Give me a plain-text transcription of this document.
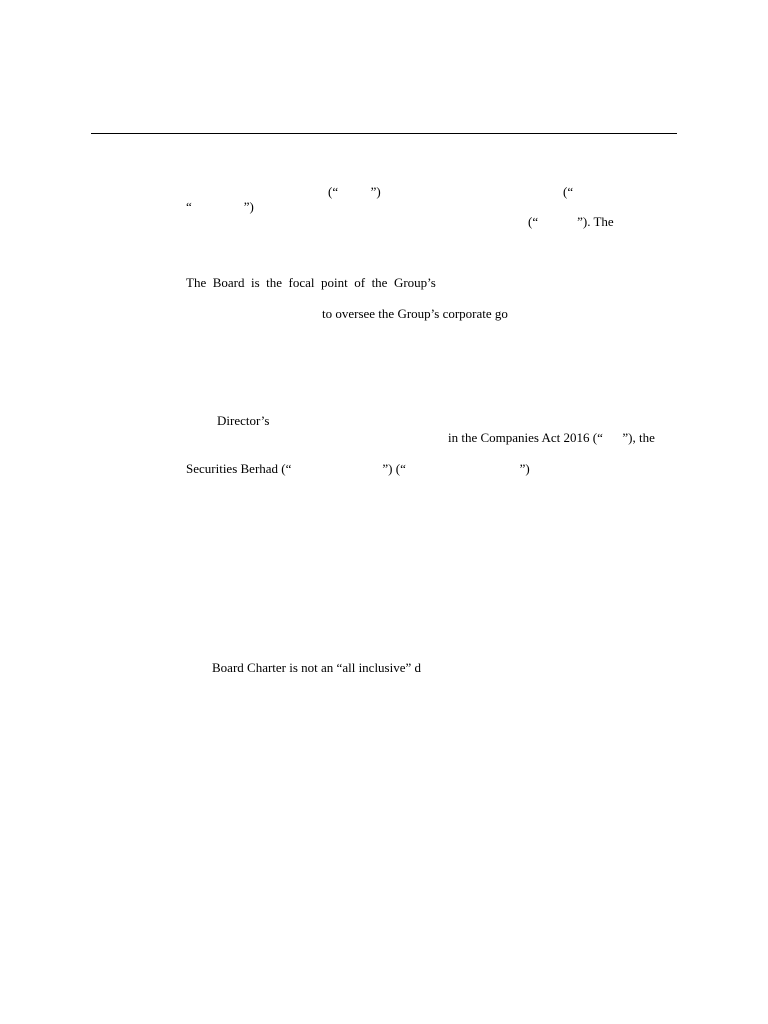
(“          ”)	(“
“                ”)
(“            ”). The
The  Board  is  the  focal  point  of  the  Group’s
to oversee the Group’s corporate go
Director’s
in the Companies Act 2016 (“      ”), the
Securities Berhad (“                            ”) (“                                   ”)
Board Charter is not an “all inclusive” d
